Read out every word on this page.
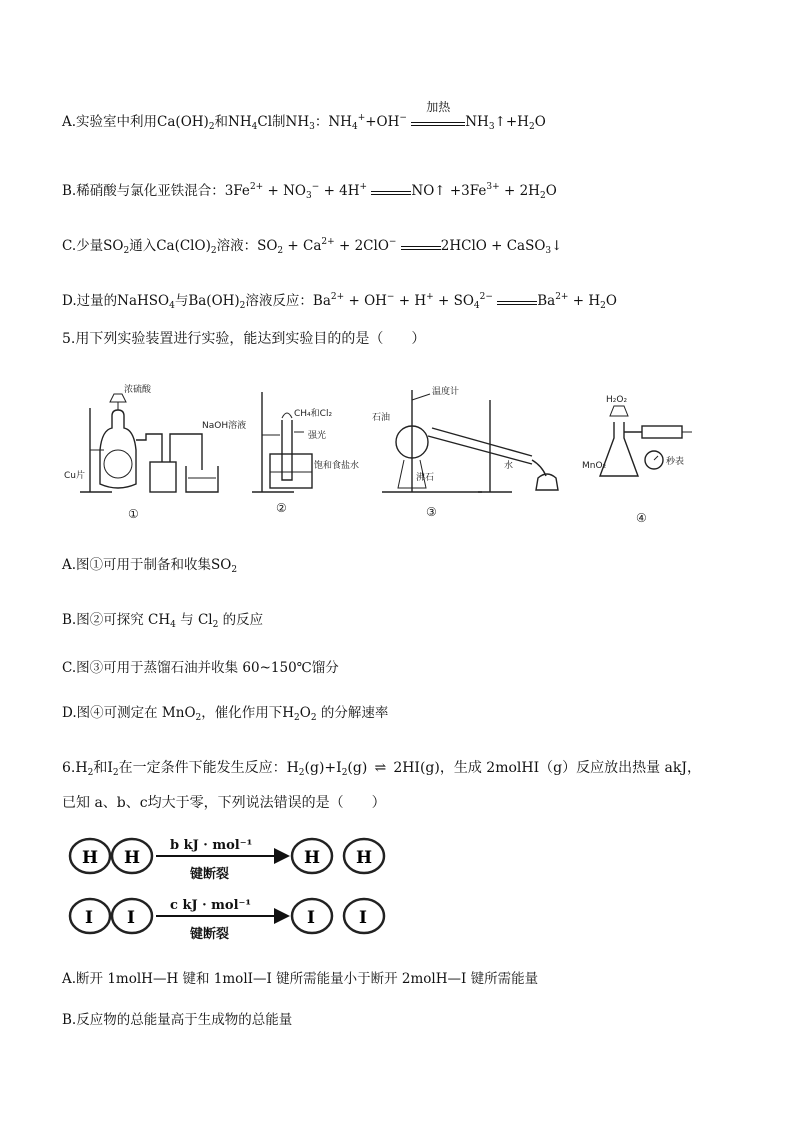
A.实验室中利用$Ca(OH)_2$和$NH_4Cl$制$NH_3$：$NH_4^++OH^-$
加热
$NH_3↑+H_2O$
B.稀硝酸与氯化亚铁混合：$3Fe^{2+} + NO_3^- + 4H^+$	NO↑ $+3Fe^{3+} + 2H_2O$
C.少量$SO_2$通入$Ca(ClO)_2$溶液：$SO_2 + Ca^{2+} + 2ClO^-$	2HClO + CaSO$_3$↓
D.过量的NaHSO$_4$与$Ba(OH)_2$溶液反应：$Ba^{2+} + OH^- + H^+ + SO_4^{2-}$	$Ba^{2+} + H_2O$
5.用下列实验装置进行实验，能达到实验目的的是（　　）
浓硫酸
NaOH溶液
Cu片
①
CH₄和Cl₂
强光
饱和食盐水
②
温度计
石油
水
沸石
③
H₂O₂
MnO₂	秒表
④
A.图①可用于制备和收集$SO_2$
B.图②可探究 $CH_4$ 与 $Cl_2$ 的反应
C.图③可用于蒸馏石油并收集 60~150℃馏分
D.图④可测定在 MnO$_2$，催化作用下$H_2O_2$ 的分解速率
$6.H_2$和$I_2$在一定条件下能发生反应：$H_2(g)+I_2(g)$ ⇌ 2HI(g)，生成 2molHI（g）反应放出热量 akJ，
已知 a、b、c均大于零，下列说法错误的是（　　）
H H
b kJ · mol⁻¹
键断裂
H H
I I
c kJ · mol⁻¹
键断裂
I	I
A.断开 1molH—H 键和 1molI—I 键所需能量小于断开 2molH—I 键所需能量
B.反应物的总能量高于生成物的总能量
